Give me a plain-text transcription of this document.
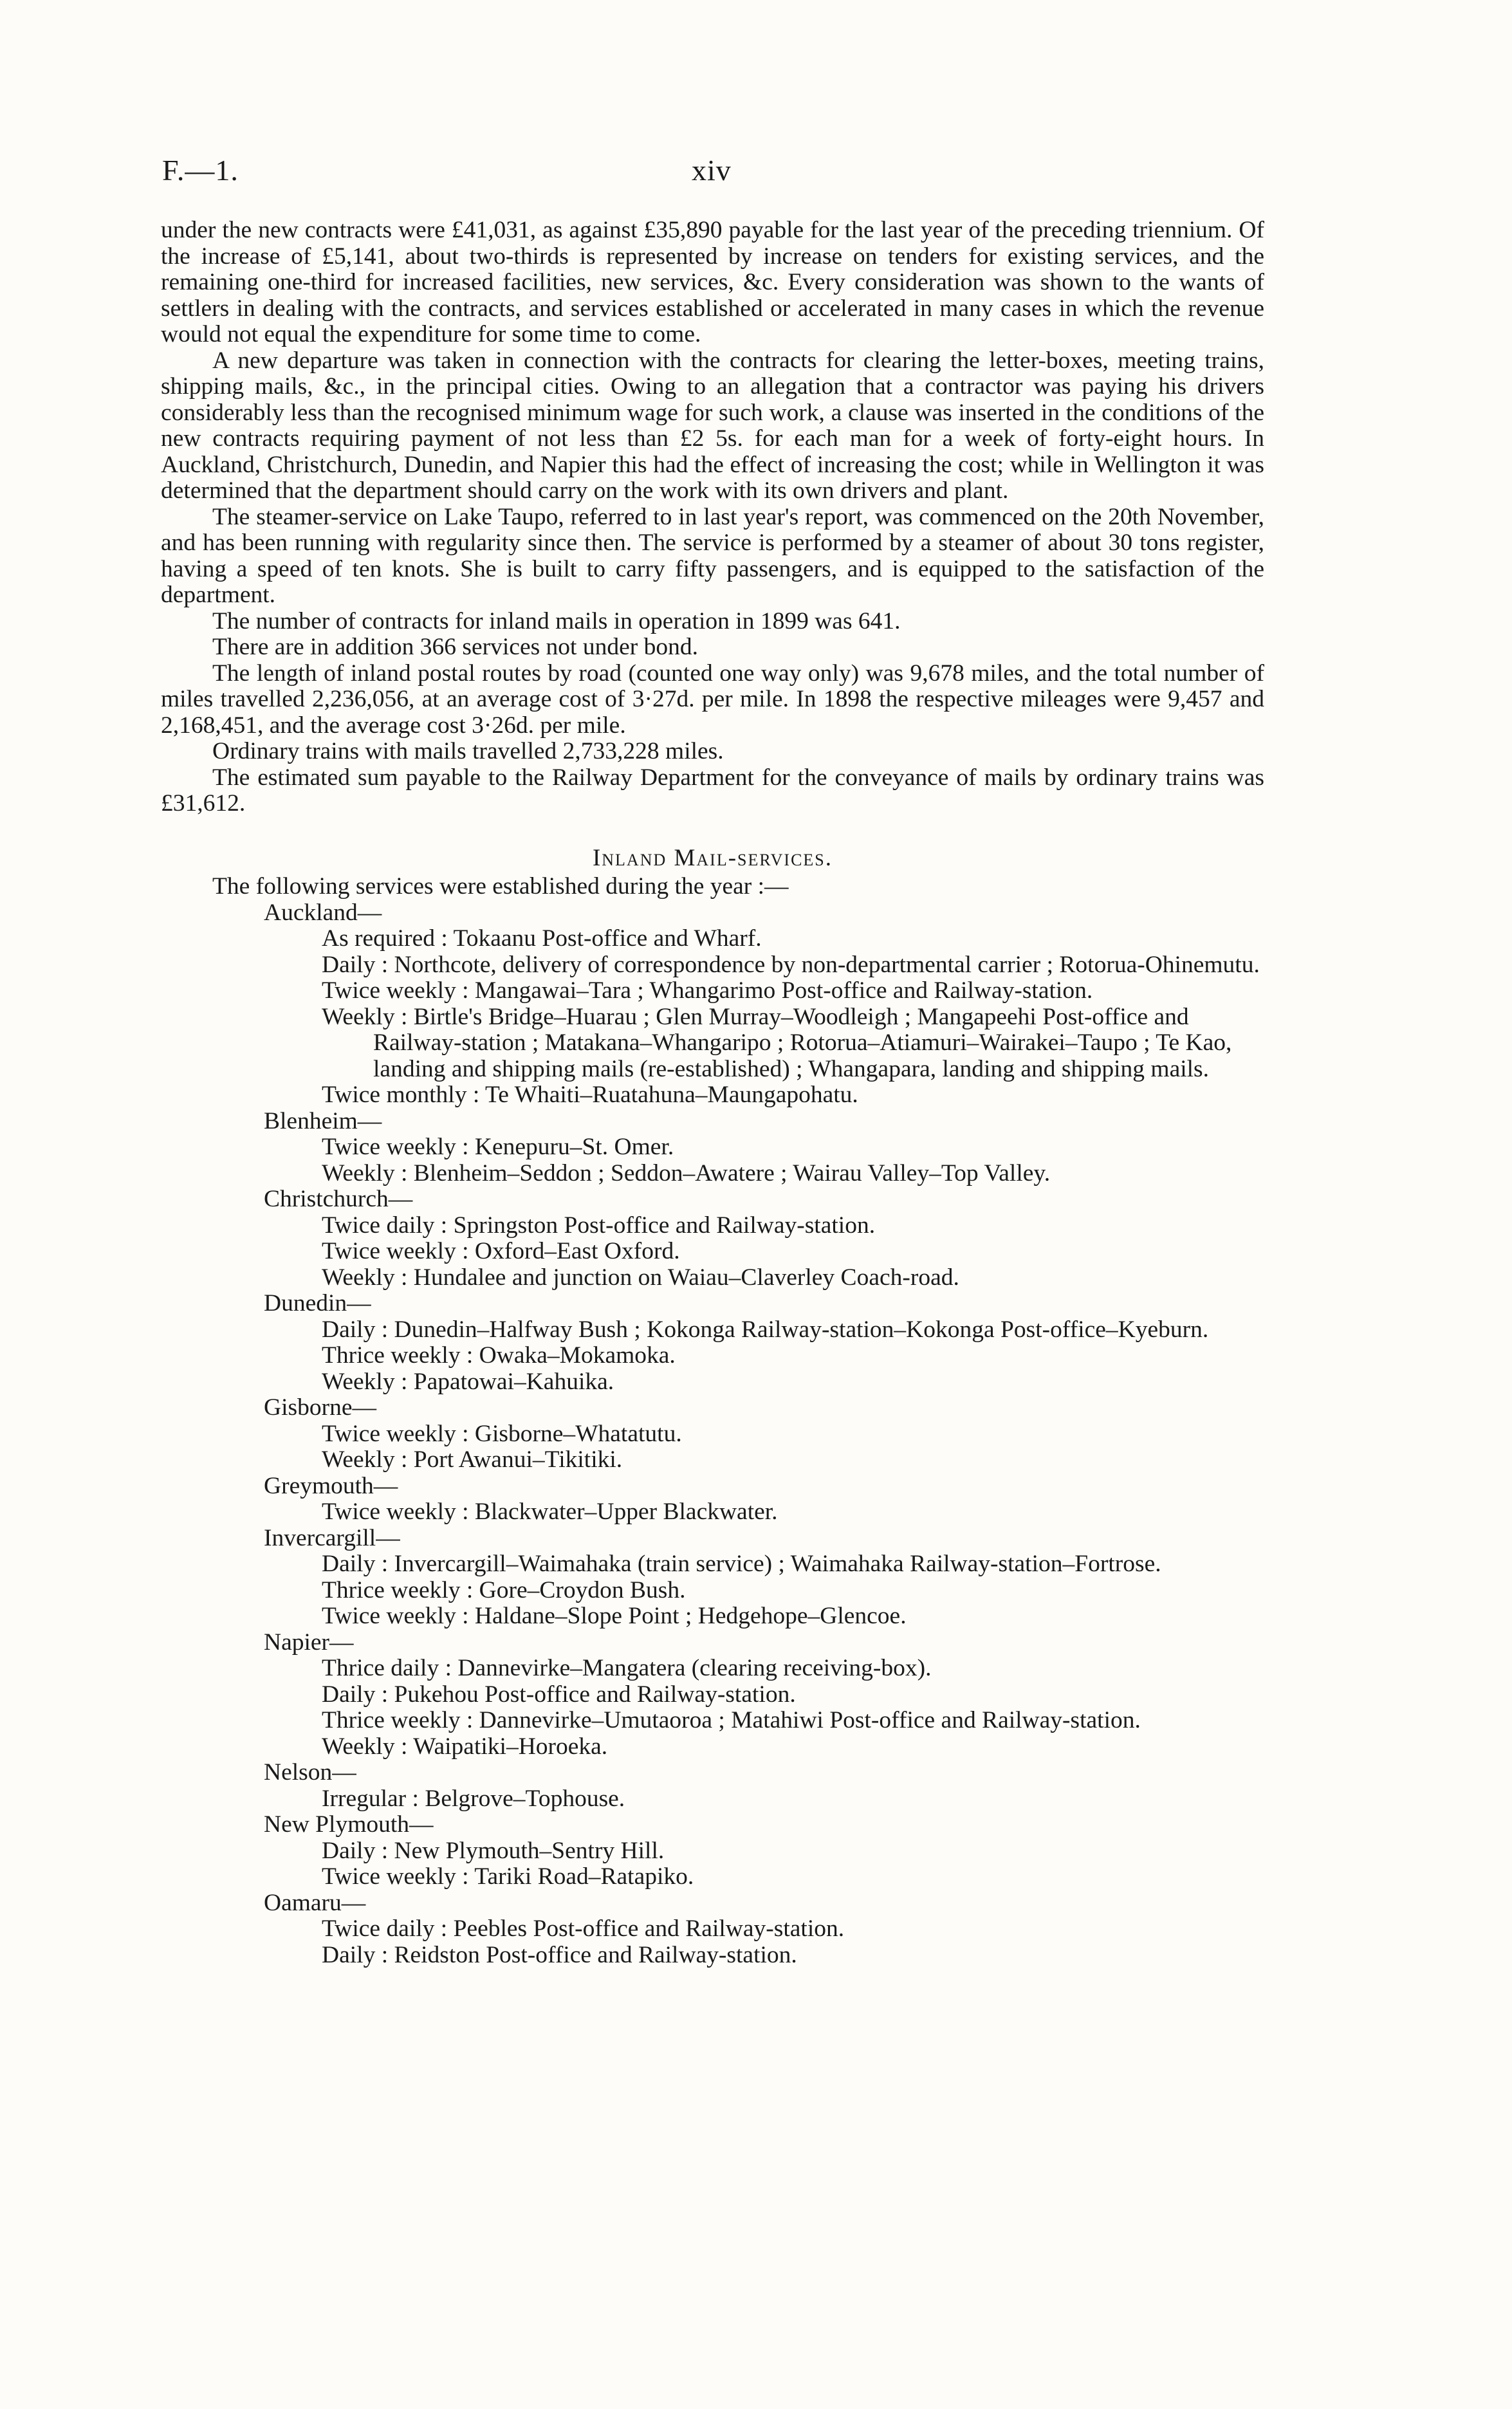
F.—1.	xiv

under the new contracts were £41,031, as against £35,890 payable for the last year of the preceding triennium. Of the increase of £5,141, about two-thirds is represented by increase on tenders for existing services, and the remaining one-third for increased facilities, new services, &c. Every consideration was shown to the wants of settlers in dealing with the contracts, and services established or accelerated in many cases in which the revenue would not equal the expenditure for some time to come.

A new departure was taken in connection with the contracts for clearing the letter-boxes, meeting trains, shipping mails, &c., in the principal cities. Owing to an allegation that a contractor was paying his drivers considerably less than the recognised minimum wage for such work, a clause was inserted in the conditions of the new contracts requiring payment of not less than £2 5s. for each man for a week of forty-eight hours. In Auckland, Christchurch, Dunedin, and Napier this had the effect of increasing the cost; while in Wellington it was determined that the department should carry on the work with its own drivers and plant.

The steamer-service on Lake Taupo, referred to in last year's report, was commenced on the 20th November, and has been running with regularity since then. The service is performed by a steamer of about 30 tons register, having a speed of ten knots. She is built to carry fifty passengers, and is equipped to the satisfaction of the department.

The number of contracts for inland mails in operation in 1899 was 641.

There are in addition 366 services not under bond.

The length of inland postal routes by road (counted one way only) was 9,678 miles, and the total number of miles travelled 2,236,056, at an average cost of 3·27d. per mile. In 1898 the respective mileages were 9,457 and 2,168,451, and the average cost 3·26d. per mile.

Ordinary trains with mails travelled 2,733,228 miles.

The estimated sum payable to the Railway Department for the conveyance of mails by ordinary trains was £31,612.

Inland Mail-services.

The following services were established during the year :—

Auckland—

As required : Tokaanu Post-office and Wharf.

Daily : Northcote, delivery of correspondence by non-departmental carrier ; Rotorua-Ohinemutu.

Twice weekly : Mangawai–Tara ; Whangarimo Post-office and Railway-station.

Weekly : Birtle's Bridge–Huarau ; Glen Murray–Woodleigh ; Mangapeehi Post-office and Railway-station ; Matakana–Whangaripo ; Rotorua–Atiamuri–Wairakei–Taupo ; Te Kao, landing and shipping mails (re-established) ; Whangapara, landing and shipping mails.

Twice monthly : Te Whaiti–Ruatahuna–Maungapohatu.

Blenheim—

Twice weekly : Kenepuru–St. Omer.

Weekly : Blenheim–Seddon ; Seddon–Awatere ; Wairau Valley–Top Valley.

Christchurch—

Twice daily : Springston Post-office and Railway-station.

Twice weekly : Oxford–East Oxford.

Weekly : Hundalee and junction on Waiau–Claverley Coach-road.

Dunedin—

Daily : Dunedin–Halfway Bush ; Kokonga Railway-station–Kokonga Post-office–Kyeburn.

Thrice weekly : Owaka–Mokamoka.

Weekly : Papatowai–Kahuika.

Gisborne—

Twice weekly : Gisborne–Whatatutu.

Weekly : Port Awanui–Tikitiki.

Greymouth—

Twice weekly : Blackwater–Upper Blackwater.

Invercargill—

Daily : Invercargill–Waimahaka (train service) ; Waimahaka Railway-station–Fortrose.

Thrice weekly : Gore–Croydon Bush.

Twice weekly : Haldane–Slope Point ; Hedgehope–Glencoe.

Napier—

Thrice daily : Dannevirke–Mangatera (clearing receiving-box).

Daily : Pukehou Post-office and Railway-station.

Thrice weekly : Dannevirke–Umutaoroa ; Matahiwi Post-office and Railway-station.

Weekly : Waipatiki–Horoeka.

Nelson—

Irregular : Belgrove–Tophouse.

New Plymouth—

Daily : New Plymouth–Sentry Hill.

Twice weekly : Tariki Road–Ratapiko.

Oamaru—

Twice daily : Peebles Post-office and Railway-station.

Daily : Reidston Post-office and Railway-station.
